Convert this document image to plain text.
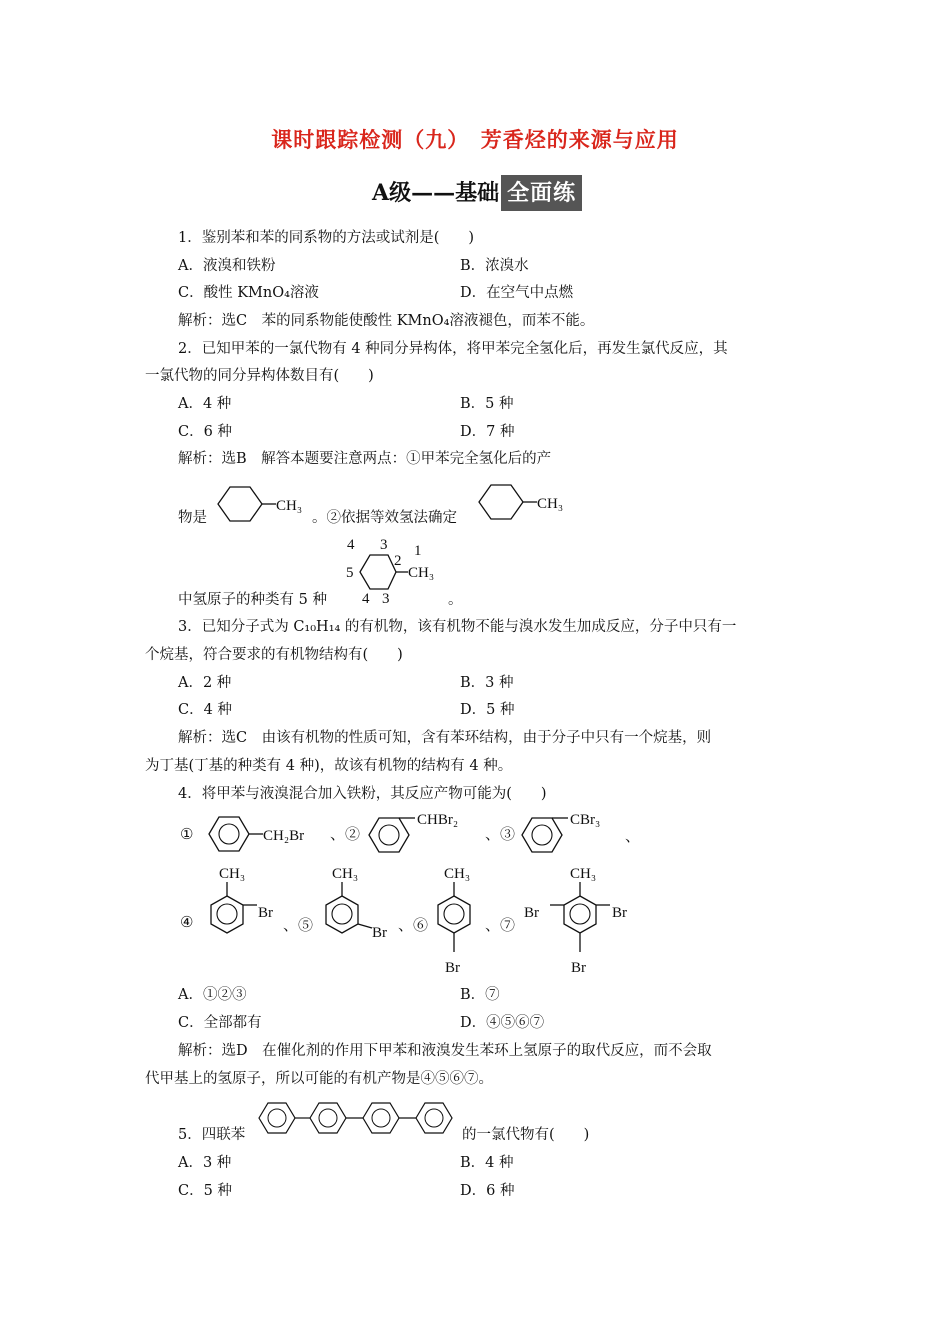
课时跟踪检测（九）　芳香烃的来源与应用
A级——基础 全面练
1．鉴别苯和苯的同系物的方法或试剂是(　　)
A．液溴和铁粉	B．浓溴水
C．酸性 KMnO₄溶液	D．在空气中点燃
解析：选C　苯的同系物能使酸性 KMnO₄溶液褪色，而苯不能。
2．已知甲苯的一氯代物有 4 种同分异构体，将甲苯完全氢化后，再发生氯代反应，其
一氯代物的同分异构体数目有(　　)
A．4 种	B．5 种
C．6 种	D．7 种
解析：选B　解答本题要注意两点：①甲苯完全氢化后的产
物是
CH₃
。②依据等效氢法确定
CH₃
4 3 1
5
2
CH₃
4 3
中氢原子的种类有 5 种	。
3．已知分子式为 C₁₀H₁₄ 的有机物，该有机物不能与溴水发生加成反应，分子中只有一
个烷基，符合要求的有机物结构有(　　)
A．2 种	B．3 种
C．4 种	D．5 种
解析：选C　由该有机物的性质可知，含有苯环结构，由于分子中只有一个烷基，则
为丁基(丁基的种类有 4 种)，故该有机物的结构有 4 种。
4．将甲苯与液溴混合加入铁粉，其反应产物可能为(　　)
①	CH₂Br 、②
CHBr₂
、③
CBr₃
、
④
CH₃
Br
、⑤
CH₃
Br 、⑥
CH₃
Br
、⑦
CH₃
Br	Br
Br
A．①②③	B．⑦
C．全部都有	D．④⑤⑥⑦
解析：选D　在催化剂的作用下甲苯和液溴发生苯环上氢原子的取代反应，而不会取
代甲基上的氢原子，所以可能的有机产物是④⑤⑥⑦。
5．四联苯	的一氯代物有(　　)
A．3 种	B．4 种
C．5 种	D．6 种
